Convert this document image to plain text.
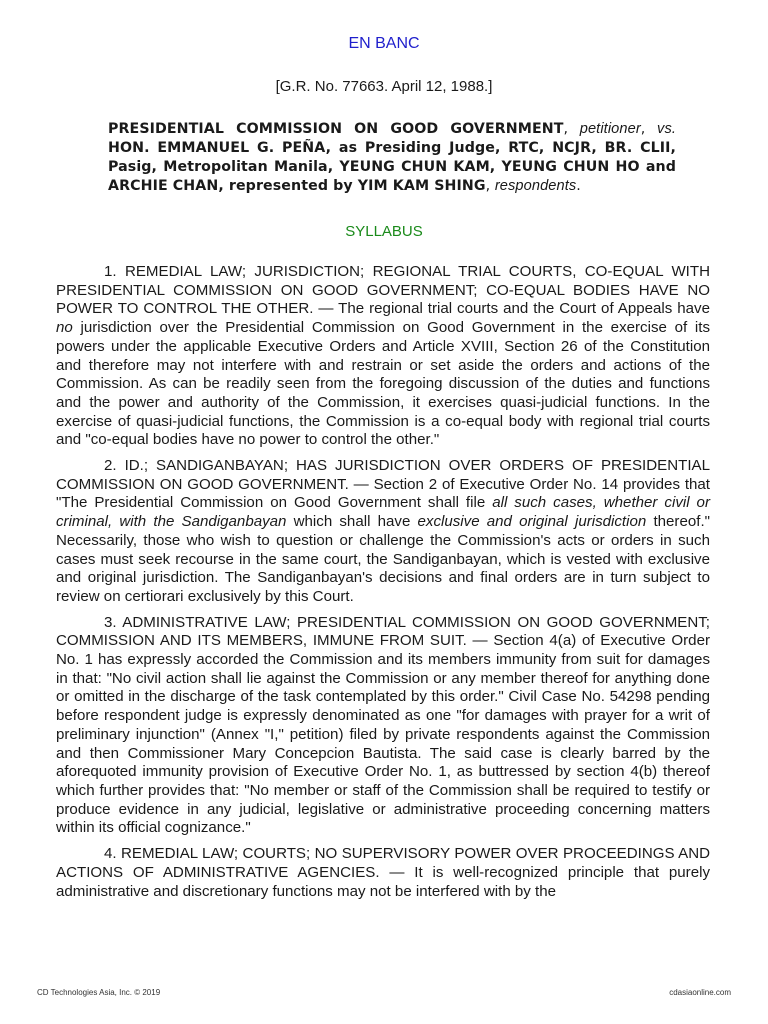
EN BANC

[G.R. No. 77663. April 12, 1988.]

PRESIDENTIAL COMMISSION ON GOOD GOVERNMENT, petitioner, vs. HON. EMMANUEL G. PEÑA, as Presiding Judge, RTC, NCJR, BR. CLII, Pasig, Metropolitan Manila, YEUNG CHUN KAM, YEUNG CHUN HO and ARCHIE CHAN, represented by YIM KAM SHING, respondents.

SYLLABUS

1. REMEDIAL LAW; JURISDICTION; REGIONAL TRIAL COURTS, CO-EQUAL WITH PRESIDENTIAL COMMISSION ON GOOD GOVERNMENT; CO-EQUAL BODIES HAVE NO POWER TO CONTROL THE OTHER. — The regional trial courts and the Court of Appeals have no jurisdiction over the Presidential Commission on Good Government in the exercise of its powers under the applicable Executive Orders and Article XVIII, Section 26 of the Constitution and therefore may not interfere with and restrain or set aside the orders and actions of the Commission. As can be readily seen from the foregoing discussion of the duties and functions and the power and authority of the Commission, it exercises quasi-judicial functions. In the exercise of quasi-judicial functions, the Commission is a co-equal body with regional trial courts and "co-equal bodies have no power to control the other."

2. ID.; SANDIGANBAYAN; HAS JURISDICTION OVER ORDERS OF PRESIDENTIAL COMMISSION ON GOOD GOVERNMENT. — Section 2 of Executive Order No. 14 provides that "The Presidential Commission on Good Government shall file all such cases, whether civil or criminal, with the Sandiganbayan which shall have exclusive and original jurisdiction thereof." Necessarily, those who wish to question or challenge the Commission's acts or orders in such cases must seek recourse in the same court, the Sandiganbayan, which is vested with exclusive and original jurisdiction. The Sandiganbayan's decisions and final orders are in turn subject to review on certiorari exclusively by this Court.

3. ADMINISTRATIVE LAW; PRESIDENTIAL COMMISSION ON GOOD GOVERNMENT; COMMISSION AND ITS MEMBERS, IMMUNE FROM SUIT. — Section 4(a) of Executive Order No. 1 has expressly accorded the Commission and its members immunity from suit for damages in that: "No civil action shall lie against the Commission or any member thereof for anything done or omitted in the discharge of the task contemplated by this order." Civil Case No. 54298 pending before respondent judge is expressly denominated as one "for damages with prayer for a writ of preliminary injunction" (Annex "I," petition) filed by private respondents against the Commission and then Commissioner Mary Concepcion Bautista. The said case is clearly barred by the aforequoted immunity provision of Executive Order No. 1, as buttressed by section 4(b) thereof which further provides that: "No member or staff of the Commission shall be required to testify or produce evidence in any judicial, legislative or administrative proceeding concerning matters within its official cognizance."

4. REMEDIAL LAW; COURTS; NO SUPERVISORY POWER OVER PROCEEDINGS AND ACTIONS OF ADMINISTRATIVE AGENCIES. — It is well-recognized principle that purely administrative and discretionary functions may not be interfered with by the

CD Technologies Asia, Inc. © 2019	cdasiaonline.com
